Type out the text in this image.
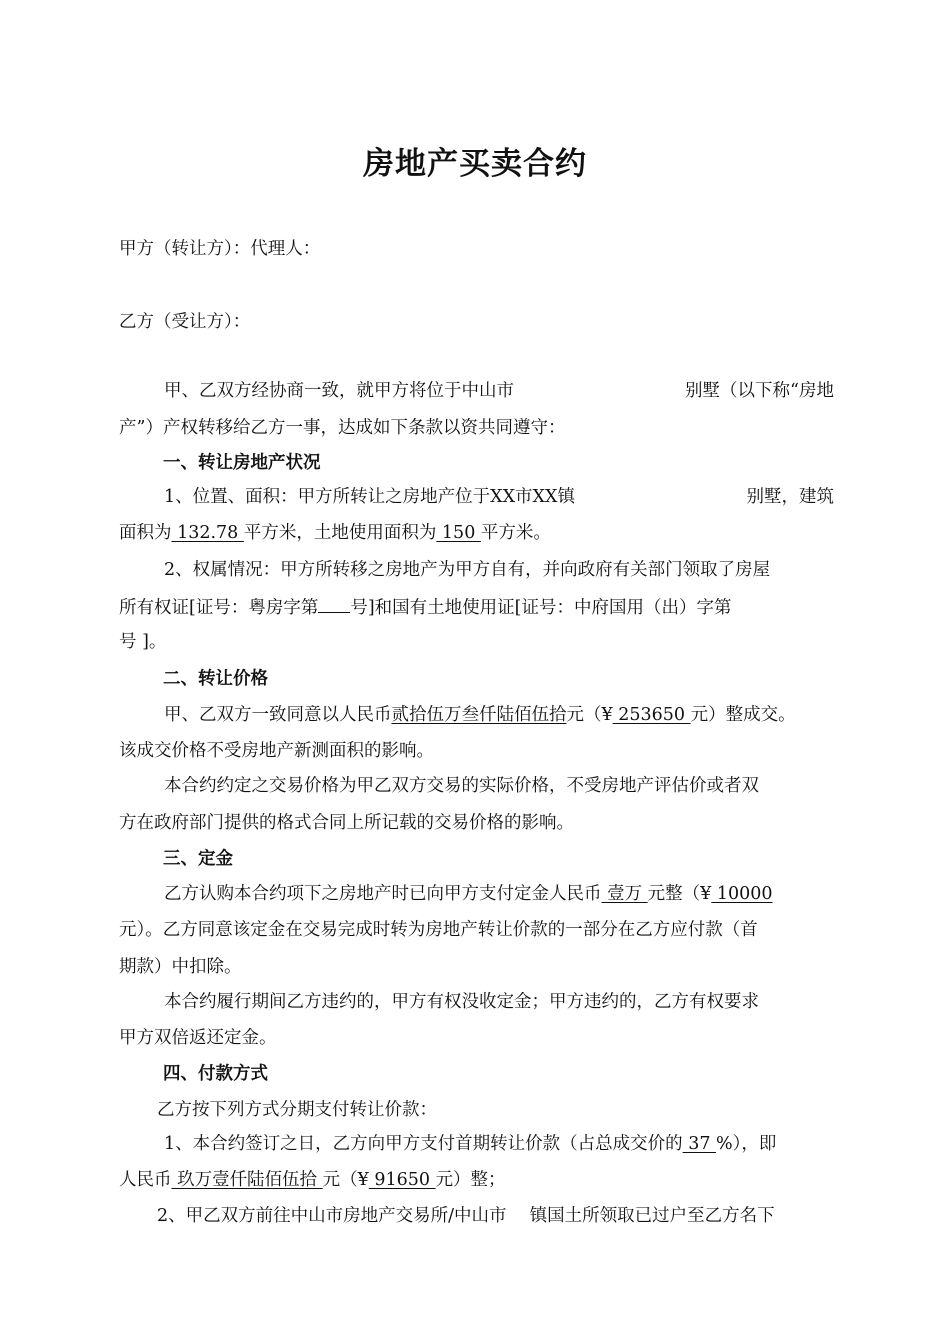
房地产买卖合约
甲方（转让方）：代理人：
乙方（受让方）：
甲、乙双方经协商一致，就甲方将位于中山市	别墅（以下称“房地
产”）产权转移给乙方一事，达成如下条款以资共同遵守：
一、转让房地产状况
1、位置、面积：甲方所转让之房地产位于XX市XX镇	别墅，建筑
面积为 132.78 平方米，土地使用面积为 150 平方米。
2、权属情况：甲方所转移之房地产为甲方自有，并向政府有关部门领取了房屋
所有权证[证号：粤房字第 号]和国有土地使用证[证号：中府国用（出）字第
号 ]。
二、转让价格
甲、乙双方一致同意以人民币贰拾伍万叁仟陆佰伍拾元（¥ 253650 元）整成交。
该成交价格不受房地产新测面积的影响。
本合约约定之交易价格为甲乙双方交易的实际价格，不受房地产评估价或者双
方在政府部门提供的格式合同上所记载的交易价格的影响。
三、定金
乙方认购本合约项下之房地产时已向甲方支付定金人民币 壹万 元整（¥ 10000
元）。乙方同意该定金在交易完成时转为房地产转让价款的一部分在乙方应付款（首
期款）中扣除。
本合约履行期间乙方违约的，甲方有权没收定金；甲方违约的，乙方有权要求
甲方双倍返还定金。
四、付款方式
乙方按下列方式分期支付转让价款：
1、本合约签订之日，乙方向甲方支付首期转让价款（占总成交价的 37 %），即
人民币 玖万壹仟陆佰伍拾 元（¥ 91650 元）整；
2、甲乙双方前往中山市房地产交易所/中山市　 镇国土所领取已过户至乙方名下
